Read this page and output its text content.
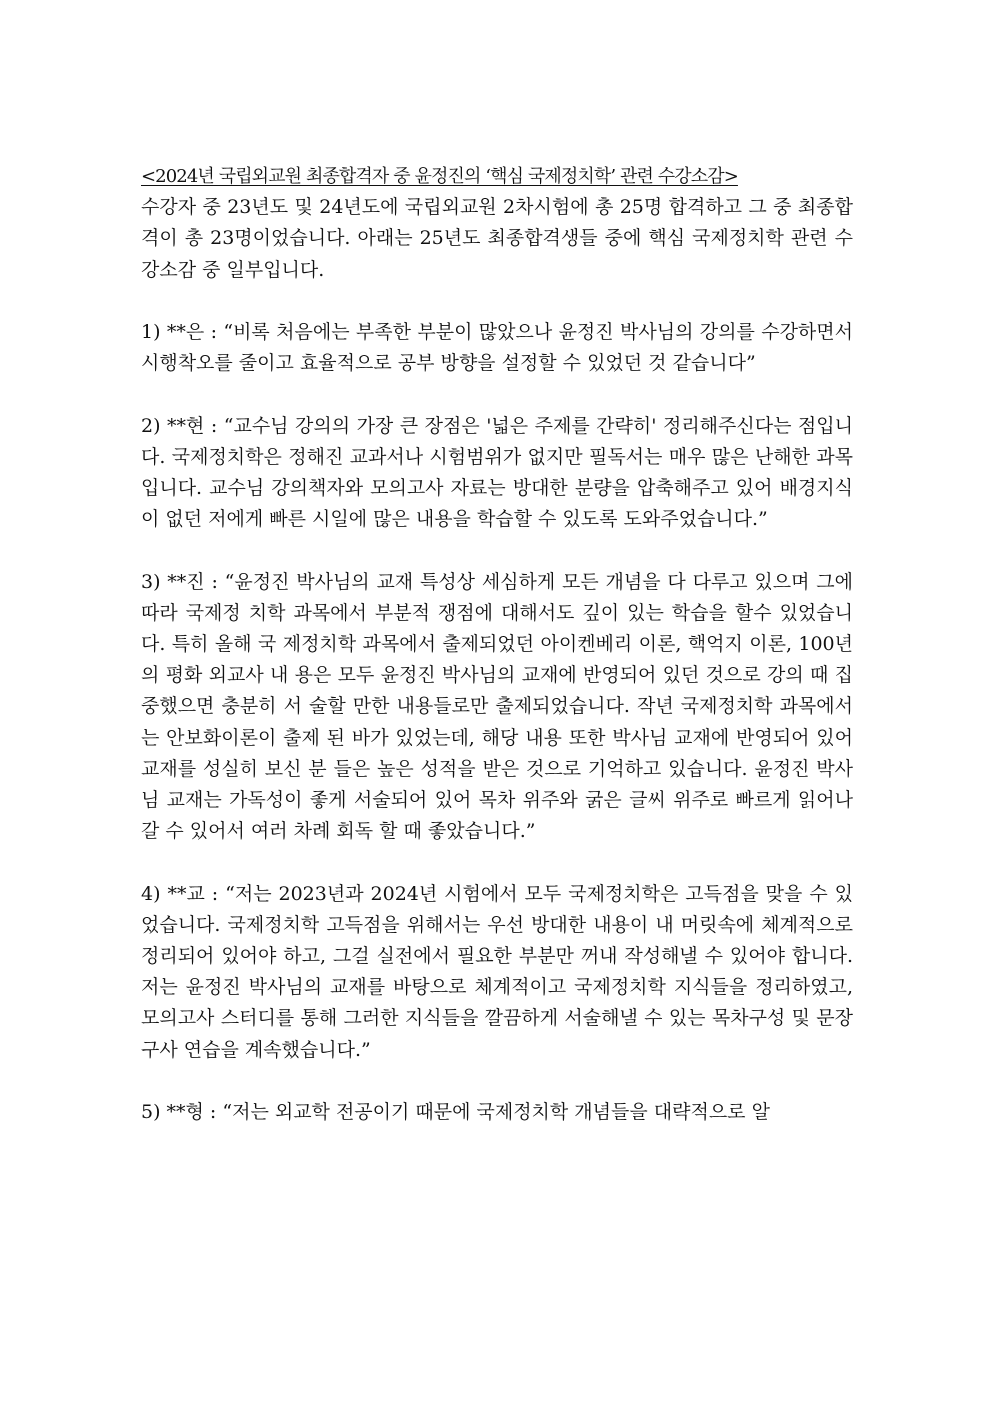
<2024년 국립외교원 최종합격자 중 윤정진의 ‘핵심 국제정치학’ 관련 수강소감>

수강자 중 23년도 및 24년도에 국립외교원 2차시험에 총 25명 합격하고 그 중 최종합격이 총 23명이었습니다. 아래는 25년도 최종합격생들 중에 핵심 국제정치학 관련 수강소감 중 일부입니다.

1) **은 : “비록 처음에는 부족한 부분이 많았으나 윤정진 박사님의 강의를 수강하면서 시행착오를 줄이고 효율적으로 공부 방향을 설정할 수 있었던 것 같습니다”

2) **현 : “교수님 강의의 가장 큰 장점은 '넓은 주제를 간략히' 정리해주신다는 점입니다. 국제정치학은 정해진 교과서나 시험범위가 없지만 필독서는 매우 많은 난해한 과목입니다. 교수님 강의책자와 모의고사 자료는 방대한 분량을 압축해주고 있어 배경지식이 없던 저에게 빠른 시일에 많은 내용을 학습할 수 있도록 도와주었습니다.”

3) **진 : “윤정진 박사님의 교재 특성상 세심하게 모든 개념을 다 다루고 있으며 그에 따라 국제정 치학 과목에서 부분적 쟁점에 대해서도 깊이 있는 학습을 할수 있었습니다. 특히 올해 국 제정치학 과목에서 출제되었던 아이켄베리 이론, 핵억지 이론, 100년의 평화 외교사 내 용은 모두 윤정진 박사님의 교재에 반영되어 있던 것으로 강의 때 집중했으면 충분히 서 술할 만한 내용들로만 출제되었습니다. 작년 국제정치학 과목에서는 안보화이론이 출제 된 바가 있었는데, 해당 내용 또한 박사님 교재에 반영되어 있어 교재를 성실히 보신 분 들은 높은 성적을 받은 것으로 기억하고 있습니다. 윤정진 박사님 교재는 가독성이 좋게 서술되어 있어 목차 위주와 굵은 글씨 위주로 빠르게 읽어나갈 수 있어서 여러 차례 회독 할 때 좋았습니다.”

4) **교 : “저는 2023년과 2024년 시험에서 모두 국제정치학은 고득점을 맞을 수 있었습니다. 국제정치학 고득점을 위해서는 우선 방대한 내용이 내 머릿속에 체계적으로 정리되어 있어야 하고, 그걸 실전에서 필요한 부분만 꺼내 작성해낼 수 있어야 합니다. 저는 윤정진 박사님의 교재를 바탕으로 체계적이고 국제정치학 지식들을 정리하였고, 모의고사 스터디를 통해 그러한 지식들을 깔끔하게 서술해낼 수 있는 목차구성 및 문장구사 연습을 계속했습니다.”

5) **형 : “저는 외교학 전공이기 때문에 국제정치학 개념들을 대략적으로 알
